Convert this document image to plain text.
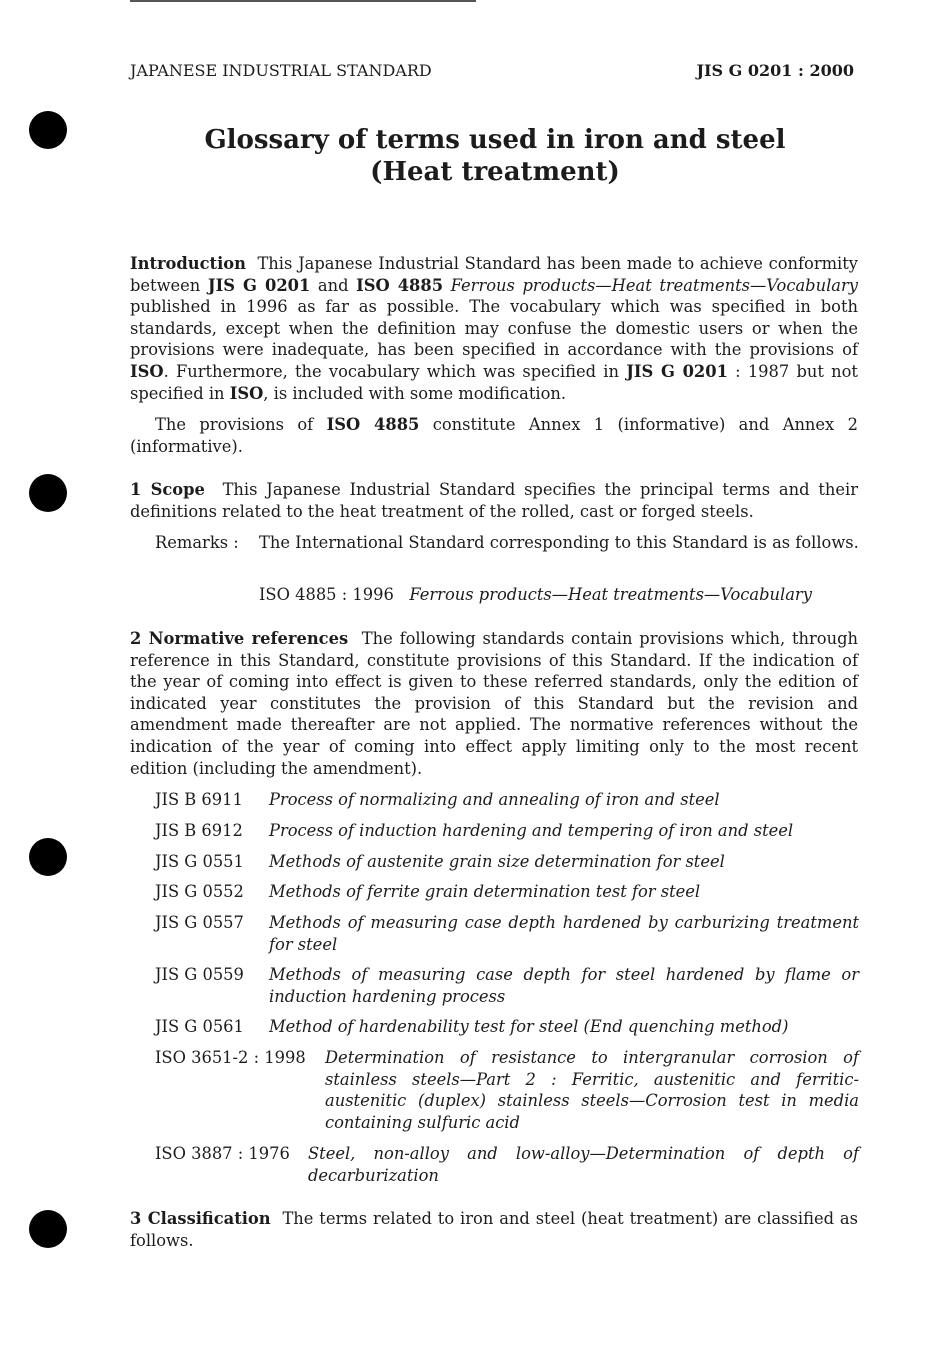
JAPANESE INDUSTRIAL STANDARD	JIS G 0201 : 2000
Glossary of terms used in iron and steel
(Heat treatment)

Introduction This Japanese Industrial Standard has been made to achieve conformity between JIS G 0201 and ISO 4885 Ferrous products—Heat treatments—Vocabulary published in 1996 as far as possible. The vocabulary which was specified in both standards, except when the definition may confuse the domestic users or when the provisions were inadequate, has been specified in accordance with the provisions of ISO. Furthermore, the vocabulary which was specified in JIS G 0201 : 1987 but not specified in ISO, is included with some modification.

The provisions of ISO 4885 constitute Annex 1 (informative) and Annex 2 (informative).

1 Scope This Japanese Industrial Standard specifies the principal terms and their definitions related to the heat treatment of the rolled, cast or forged steels.

Remarks : The International Standard corresponding to this Standard is as follows.
ISO 4885 : 1996 Ferrous products—Heat treatments—Vocabulary

2 Normative references The following standards contain provisions which, through reference in this Standard, constitute provisions of this Standard. If the indication of the year of coming into effect is given to these referred standards, only the edition of indicated year constitutes the provision of this Standard but the revision and amendment made thereafter are not applied. The normative references without the indication of the year of coming into effect apply limiting only to the most recent edition (including the amendment).

JIS B 6911 Process of normalizing and annealing of iron and steel
JIS B 6912 Process of induction hardening and tempering of iron and steel
JIS G 0551 Methods of austenite grain size determination for steel
JIS G 0552 Methods of ferrite grain determination test for steel
JIS G 0557 Methods of measuring case depth hardened by carburizing treatment for steel
JIS G 0559 Methods of measuring case depth for steel hardened by flame or induction hardening process
JIS G 0561 Method of hardenability test for steel (End quenching method)
ISO 3651-2 : 1998 Determination of resistance to intergranular corrosion of stainless steels—Part 2 : Ferritic, austenitic and ferritic-austenitic (duplex) stainless steels—Corrosion test in media containing sulfuric acid
ISO 3887 : 1976 Steel, non-alloy and low-alloy—Determination of depth of decarburization

3 Classification The terms related to iron and steel (heat treatment) are classified as follows.
